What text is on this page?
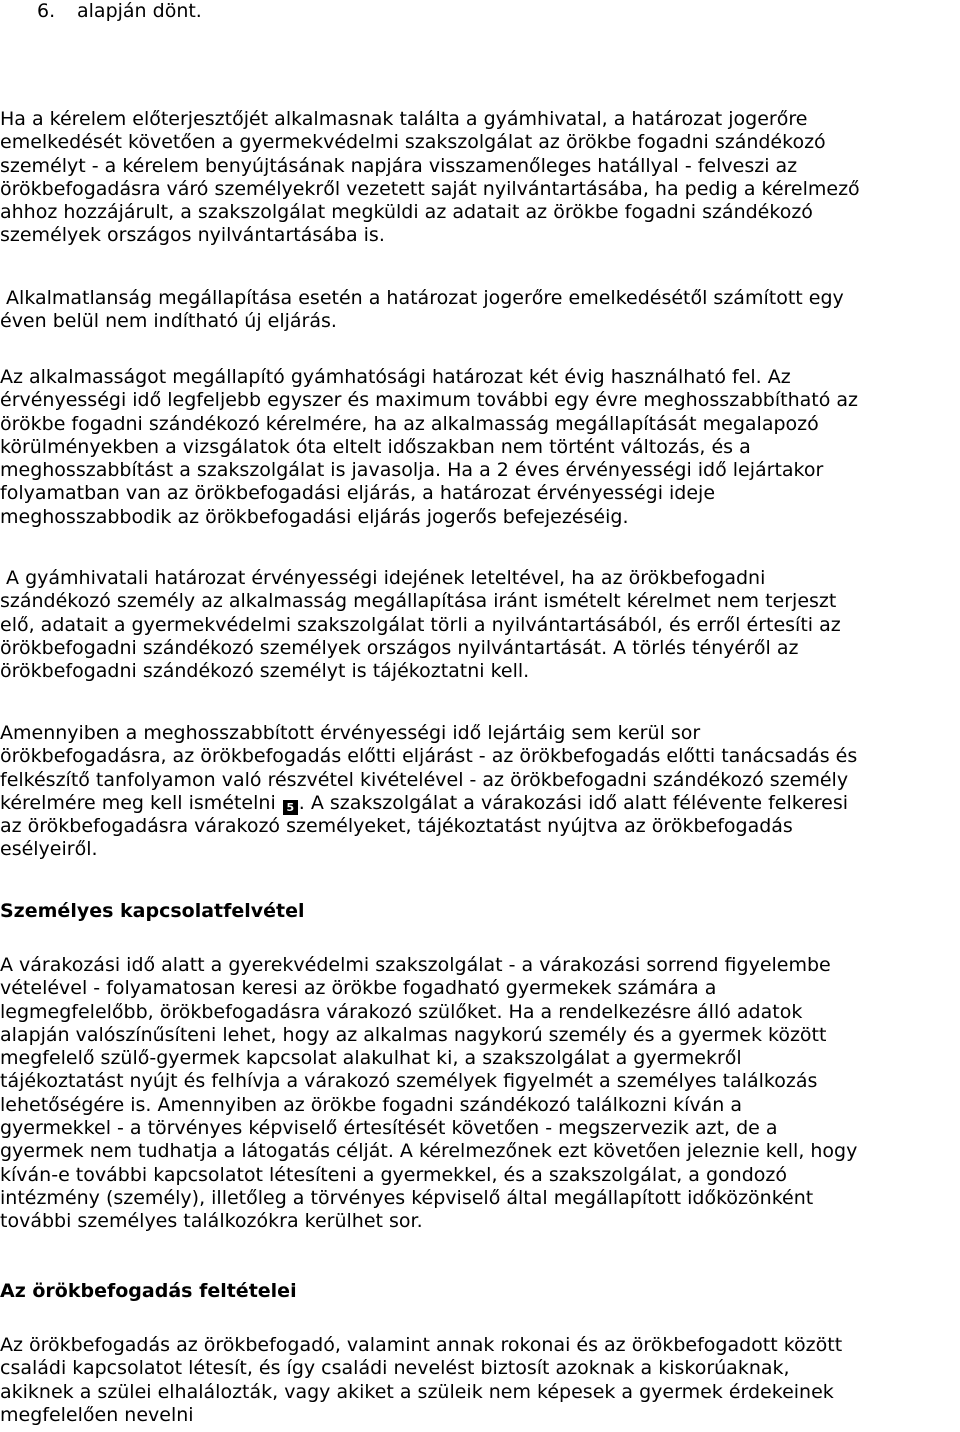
6. alapján dönt.
Ha a kérelem előterjesztőjét alkalmasnak találta a gyámhivatal, a határozat jogerőre
emelkedését követően a gyermekvédelmi szakszolgálat az örökbe fogadni szándékozó
személyt - a kérelem benyújtásának napjára visszamenőleges hatállyal - felveszi az
örökbefogadásra váró személyekről vezetett saját nyilvántartásába, ha pedig a kérelmező
ahhoz hozzájárult, a szakszolgálat megküldi az adatait az örökbe fogadni szándékozó
személyek országos nyilvántartásába is.
Alkalmatlanság megállapítása esetén a határozat jogerőre emelkedésétől számított egy
éven belül nem indítható új eljárás.
Az alkalmasságot megállapító gyámhatósági határozat két évig használható fel. Az
érvényességi idő legfeljebb egyszer és maximum további egy évre meghosszabbítható az
örökbe fogadni szándékozó kérelmére, ha az alkalmasság megállapítását megalapozó
körülményekben a vizsgálatok óta eltelt időszakban nem történt változás, és a
meghosszabbítást a szakszolgálat is javasolja. Ha a 2 éves érvényességi idő lejártakor
folyamatban van az örökbefogadási eljárás, a határozat érvényességi ideje
meghosszabbodik az örökbefogadási eljárás jogerős befejezéséig.
A gyámhivatali határozat érvényességi idejének leteltével, ha az örökbefogadni
szándékozó személy az alkalmasság megállapítása iránt ismételt kérelmet nem terjeszt
elő, adatait a gyermekvédelmi szakszolgálat törli a nyilvántartásából, és erről értesíti az
örökbefogadni szándékozó személyek országos nyilvántartását. A törlés tényéről az
örökbefogadni szándékozó személyt is tájékoztatni kell.
Amennyiben a meghosszabbított érvényességi idő lejártáig sem kerül sor
örökbefogadásra, az örökbefogadás előtti eljárást - az örökbefogadás előtti tanácsadás és
felkészítő tanfolyamon való részvétel kivételével - az örökbefogadni szándékozó személy
kérelmére meg kell ismételni 5 . A szakszolgálat a várakozási idő alatt félévente felkeresi
az örökbefogadásra várakozó személyeket, tájékoztatást nyújtva az örökbefogadás
esélyeiről.
Személyes kapcsolatfelvétel
A várakozási idő alatt a gyerekvédelmi szakszolgálat - a várakozási sorrend figyelembe
vételével - folyamatosan keresi az örökbe fogadható gyermekek számára a
legmegfelelőbb, örökbefogadásra várakozó szülőket. Ha a rendelkezésre álló adatok
alapján valószínűsíteni lehet, hogy az alkalmas nagykorú személy és a gyermek között
megfelelő szülő-gyermek kapcsolat alakulhat ki, a szakszolgálat a gyermekről
tájékoztatást nyújt és felhívja a várakozó személyek figyelmét a személyes találkozás
lehetőségére is. Amennyiben az örökbe fogadni szándékozó találkozni kíván a
gyermekkel - a törvényes képviselő értesítését követően - megszervezik azt, de a
gyermek nem tudhatja a látogatás célját. A kérelmezőnek ezt követően jeleznie kell, hogy
kíván-e további kapcsolatot létesíteni a gyermekkel, és a szakszolgálat, a gondozó
intézmény (személy), illetőleg a törvényes képviselő által megállapított időközönként
további személyes találkozókra kerülhet sor.
Az örökbefogadás feltételei
Az örökbefogadás az örökbefogadó, valamint annak rokonai és az örökbefogadott között
családi kapcsolatot létesít, és így családi nevelést biztosít azoknak a kiskorúaknak,
akiknek a szülei elhalálozták, vagy akiket a szüleik nem képesek a gyermek érdekeinek
megfelelően nevelni
